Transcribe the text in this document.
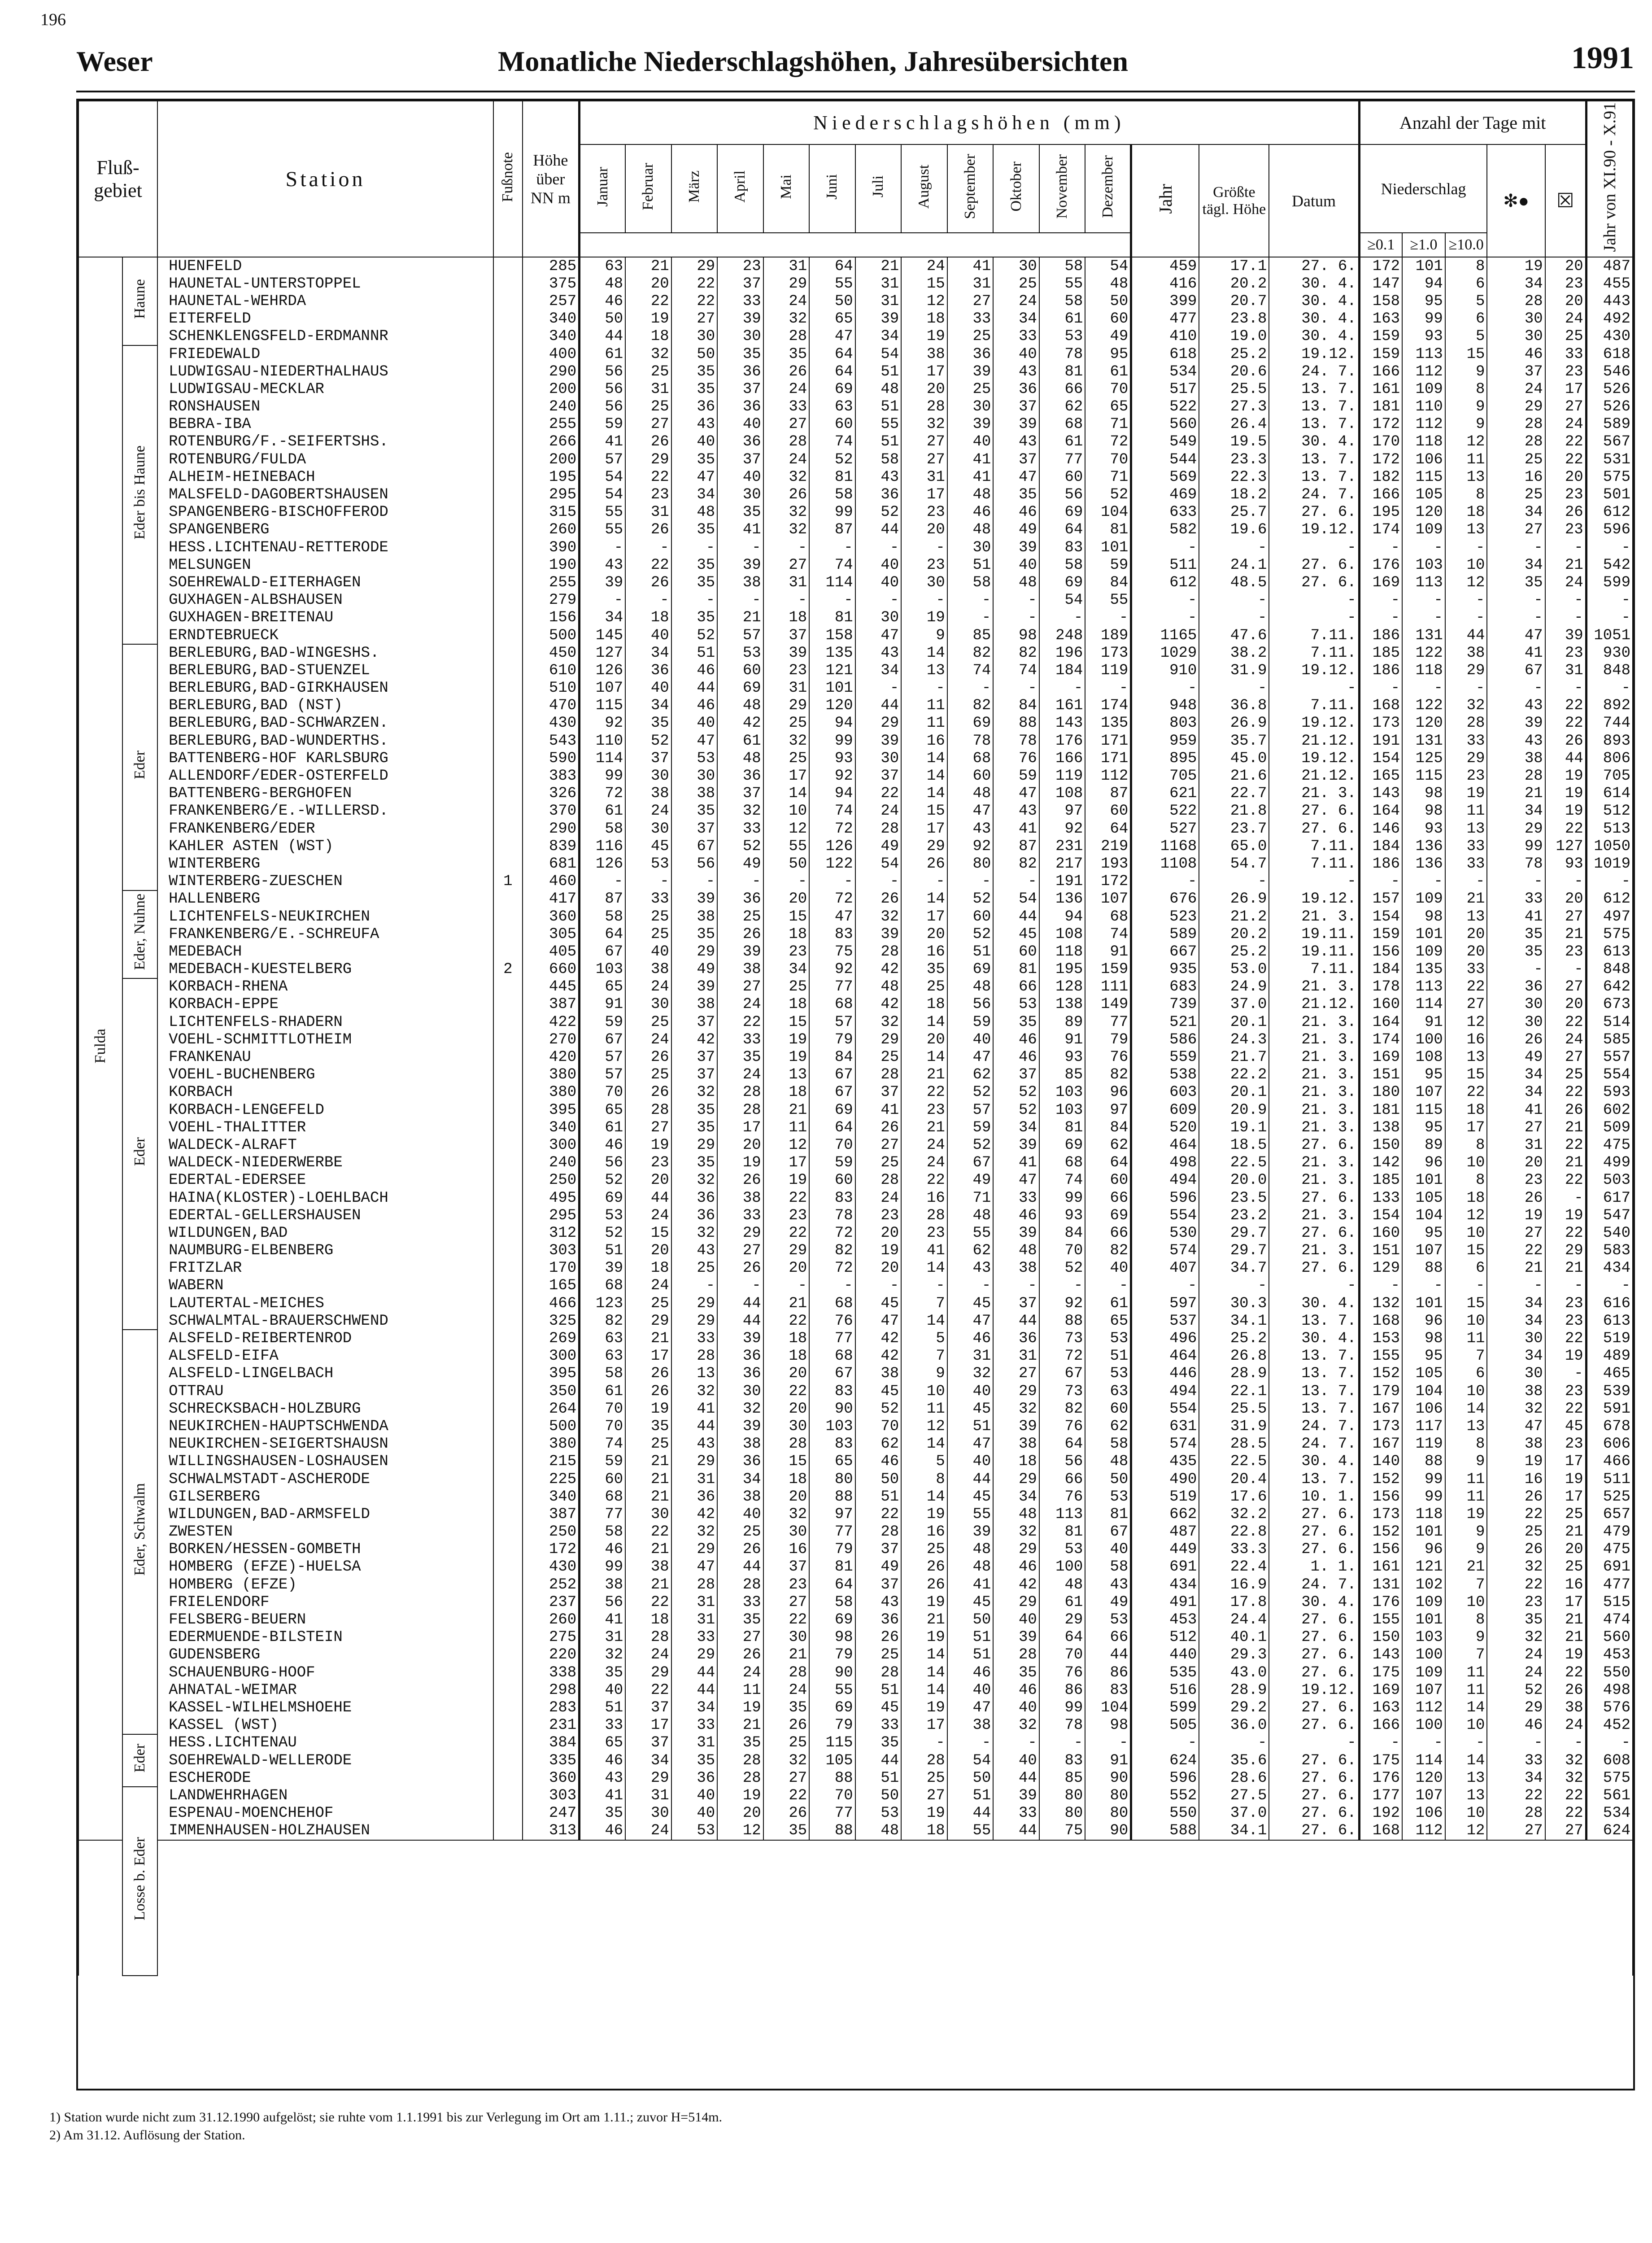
196
Weser	Monatliche Niederschlagshöhen, Jahresübersichten	1991
Fluß-
gebiet		Station	Fußnote	Höhe über NN m	Niederschlagshöhen (mm)															Anzahl der Tage mit					Jahr von XI.90 - X.91
					Januar	Februar	März	April	Mai	Juni	Juli	August	September	Oktober	November	Dezember	Jahr	Größte tägl. Höhe	Datum	Niederschlag			✻●	☒	
																				≥0.1	≥1.0	≥10.0			
Fulda	Haune	HUENFELD		285	63	21	29	23	31	64	21	24	41	30	58	54	459	17.1	27. 6.	172	101	8	19	20	487
		HAUNETAL-UNTERSTOPPEL		375	48	20	22	37	29	55	31	15	31	25	55	48	416	20.2	30. 4.	147	94	6	34	23	455
		HAUNETAL-WEHRDA		257	46	22	22	33	24	50	31	12	27	24	58	50	399	20.7	30. 4.	158	95	5	28	20	443
		EITERFELD		340	50	19	27	39	32	65	39	18	33	34	61	60	477	23.8	30. 4.	163	99	6	30	24	492
		SCHENKLENGSFELD-ERDMANNR		340	44	18	30	30	28	47	34	19	25	33	53	49	410	19.0	30. 4.	159	93	5	30	25	430
	Eder bis Haune	FRIEDEWALD		400	61	32	50	35	35	64	54	38	36	40	78	95	618	25.2	19.12.	159	113	15	46	33	618
		LUDWIGSAU-NIEDERTHALHAUS		290	56	25	35	36	26	64	51	17	39	43	81	61	534	20.6	24. 7.	166	112	9	37	23	546
		LUDWIGSAU-MECKLAR		200	56	31	35	37	24	69	48	20	25	36	66	70	517	25.5	13. 7.	161	109	8	24	17	526
		RONSHAUSEN		240	56	25	36	36	33	63	51	28	30	37	62	65	522	27.3	13. 7.	181	110	9	29	27	526
		BEBRA-IBA		255	59	27	43	40	27	60	55	32	39	39	68	71	560	26.4	13. 7.	172	112	9	28	24	589
		ROTENBURG/F.-SEIFERTSHS.		266	41	26	40	36	28	74	51	27	40	43	61	72	549	19.5	30. 4.	170	118	12	28	22	567
		ROTENBURG/FULDA		200	57	29	35	37	24	52	58	27	41	37	77	70	544	23.3	13. 7.	172	106	11	25	22	531
		ALHEIM-HEINEBACH		195	54	22	47	40	32	81	43	31	41	47	60	71	569	22.3	13. 7.	182	115	13	16	20	575
		MALSFELD-DAGOBERTSHAUSEN		295	54	23	34	30	26	58	36	17	48	35	56	52	469	18.2	24. 7.	166	105	8	25	23	501
		SPANGENBERG-BISCHOFFEROD		315	55	31	48	35	32	99	52	23	46	46	69	104	633	25.7	27. 6.	195	120	18	34	26	612
		SPANGENBERG		260	55	26	35	41	32	87	44	20	48	49	64	81	582	19.6	19.12.	174	109	13	27	23	596
		HESS.LICHTENAU-RETTERODE		390	-	-	-	-	-	-	-	-	30	39	83	101	-	-	-	-	-	-	-	-	-
		MELSUNGEN		190	43	22	35	39	27	74	40	23	51	40	58	59	511	24.1	27. 6.	176	103	10	34	21	542
		SOEHREWALD-EITERHAGEN		255	39	26	35	38	31	114	40	30	58	48	69	84	612	48.5	27. 6.	169	113	12	35	24	599
		GUXHAGEN-ALBSHAUSEN		279	-	-	-	-	-	-	-	-	-	-	54	55	-	-	-	-	-	-	-	-	-
		GUXHAGEN-BREITENAU		156	34	18	35	21	18	81	30	19	-	-	-	-	-	-	-	-	-	-	-	-	-
		ERNDTEBRUECK		500	145	40	52	57	37	158	47	9	85	98	248	189	1165	47.6	7.11.	186	131	44	47	39	1051
	Eder	BERLEBURG,BAD-WINGESHS.		450	127	34	51	53	39	135	43	14	82	82	196	173	1029	38.2	7.11.	185	122	38	41	23	930
		BERLEBURG,BAD-STUENZEL		610	126	36	46	60	23	121	34	13	74	74	184	119	910	31.9	19.12.	186	118	29	67	31	848
		BERLEBURG,BAD-GIRKHAUSEN		510	107	40	44	69	31	101	-	-	-	-	-	-	-	-	-	-	-	-	-	-	-
		BERLEBURG,BAD (NST)		470	115	34	46	48	29	120	44	11	82	84	161	174	948	36.8	7.11.	168	122	32	43	22	892
		BERLEBURG,BAD-SCHWARZEN.		430	92	35	40	42	25	94	29	11	69	88	143	135	803	26.9	19.12.	173	120	28	39	22	744
		BERLEBURG,BAD-WUNDERTHS.		543	110	52	47	61	32	99	39	16	78	78	176	171	959	35.7	21.12.	191	131	33	43	26	893
		BATTENBERG-HOF KARLSBURG		590	114	37	53	48	25	93	30	14	68	76	166	171	895	45.0	19.12.	154	125	29	38	44	806
		ALLENDORF/EDER-OSTERFELD		383	99	30	30	36	17	92	37	14	60	59	119	112	705	21.6	21.12.	165	115	23	28	19	705
		BATTENBERG-BERGHOFEN		326	72	38	38	37	14	94	22	14	48	47	108	87	621	22.7	21. 3.	143	98	19	21	19	614
		FRANKENBERG/E.-WILLERSD.		370	61	24	35	32	10	74	24	15	47	43	97	60	522	21.8	27. 6.	164	98	11	34	19	512
		FRANKENBERG/EDER		290	58	30	37	33	12	72	28	17	43	41	92	64	527	23.7	27. 6.	146	93	13	29	22	513
		KAHLER ASTEN (WST)		839	116	45	67	52	55	126	49	29	92	87	231	219	1168	65.0	7.11.	184	136	33	99	127	1050
		WINTERBERG		681	126	53	56	49	50	122	54	26	80	82	217	193	1108	54.7	7.11.	186	136	33	78	93	1019
		WINTERBERG-ZUESCHEN	1	460	-	-	-	-	-	-	-	-	-	-	191	172	-	-	-	-	-	-	-	-	-
	Eder, Nuhne	HALLENBERG		417	87	33	39	36	20	72	26	14	52	54	136	107	676	26.9	19.12.	157	109	21	33	20	612
		LICHTENFELS-NEUKIRCHEN		360	58	25	38	25	15	47	32	17	60	44	94	68	523	21.2	21. 3.	154	98	13	41	27	497
		FRANKENBERG/E.-SCHREUFA		305	64	25	35	26	18	83	39	20	52	45	108	74	589	20.2	19.11.	159	101	20	35	21	575
		MEDEBACH		405	67	40	29	39	23	75	28	16	51	60	118	91	667	25.2	19.11.	156	109	20	35	23	613
		MEDEBACH-KUESTELBERG	2	660	103	38	49	38	34	92	42	35	69	81	195	159	935	53.0	7.11.	184	135	33	-	-	848
	Eder	KORBACH-RHENA		445	65	24	39	27	25	77	48	25	48	66	128	111	683	24.9	21. 3.	178	113	22	36	27	642
		KORBACH-EPPE		387	91	30	38	24	18	68	42	18	56	53	138	149	739	37.0	21.12.	160	114	27	30	20	673
		LICHTENFELS-RHADERN		422	59	25	37	22	15	57	32	14	59	35	89	77	521	20.1	21. 3.	164	91	12	30	22	514
		VOEHL-SCHMITTLOTHEIM		270	67	24	42	33	19	79	29	20	40	46	91	79	586	24.3	21. 3.	174	100	16	26	24	585
		FRANKENAU		420	57	26	37	35	19	84	25	14	47	46	93	76	559	21.7	21. 3.	169	108	13	49	27	557
		VOEHL-BUCHENBERG		380	57	25	37	24	13	67	28	21	62	37	85	82	538	22.2	21. 3.	151	95	15	34	25	554
		KORBACH		380	70	26	32	28	18	67	37	22	52	52	103	96	603	20.1	21. 3.	180	107	22	34	22	593
		KORBACH-LENGEFELD		395	65	28	35	28	21	69	41	23	57	52	103	97	609	20.9	21. 3.	181	115	18	41	26	602
		VOEHL-THALITTER		340	61	27	35	17	11	64	26	21	59	34	81	84	520	19.1	21. 3.	138	95	17	27	21	509
		WALDECK-ALRAFT		300	46	19	29	20	12	70	27	24	52	39	69	62	464	18.5	27. 6.	150	89	8	31	22	475
		WALDECK-NIEDERWERBE		240	56	23	35	19	17	59	25	24	67	41	68	64	498	22.5	21. 3.	142	96	10	20	21	499
		EDERTAL-EDERSEE		250	52	20	32	26	19	60	28	22	49	47	74	60	494	20.0	21. 3.	185	101	8	23	22	503
		HAINA(KLOSTER)-LOEHLBACH		495	69	44	36	38	22	83	24	16	71	33	99	66	596	23.5	27. 6.	133	105	18	26	-	617
		EDERTAL-GELLERSHAUSEN		295	53	24	36	33	23	78	23	28	48	46	93	69	554	23.2	21. 3.	154	104	12	19	19	547
		WILDUNGEN,BAD		312	52	15	32	29	22	72	20	23	55	39	84	66	530	29.7	27. 6.	160	95	10	27	22	540
		NAUMBURG-ELBENBERG		303	51	20	43	27	29	82	19	41	62	48	70	82	574	29.7	21. 3.	151	107	15	22	29	583
		FRITZLAR		170	39	18	25	26	20	72	20	14	43	38	52	40	407	34.7	27. 6.	129	88	6	21	21	434
		WABERN		165	68	24	-	-	-	-	-	-	-	-	-	-	-	-	-	-	-	-	-	-	-
		LAUTERTAL-MEICHES		466	123	25	29	44	21	68	45	7	45	37	92	61	597	30.3	30. 4.	132	101	15	34	23	616
		SCHWALMTAL-BRAUERSCHWEND		325	82	29	29	44	22	76	47	14	47	44	88	65	537	34.1	13. 7.	168	96	10	34	23	613
	Eder, Schwalm	ALSFELD-REIBERTENROD		269	63	21	33	39	18	77	42	5	46	36	73	53	496	25.2	30. 4.	153	98	11	30	22	519
		ALSFELD-EIFA		300	63	17	28	36	18	68	42	7	31	31	72	51	464	26.8	13. 7.	155	95	7	34	19	489
		ALSFELD-LINGELBACH		395	58	26	13	36	20	67	38	9	32	27	67	53	446	28.9	13. 7.	152	105	6	30	-	465
		OTTRAU		350	61	26	32	30	22	83	45	10	40	29	73	63	494	22.1	13. 7.	179	104	10	38	23	539
		SCHRECKSBACH-HOLZBURG		264	70	19	41	32	20	90	52	11	45	32	82	60	554	25.5	13. 7.	167	106	14	32	22	591
		NEUKIRCHEN-HAUPTSCHWENDA		500	70	35	44	39	30	103	70	12	51	39	76	62	631	31.9	24. 7.	173	117	13	47	45	678
		NEUKIRCHEN-SEIGERTSHAUSN		380	74	25	43	38	28	83	62	14	47	38	64	58	574	28.5	24. 7.	167	119	8	38	23	606
		WILLINGSHAUSEN-LOSHAUSEN		215	59	21	29	36	15	65	46	5	40	18	56	48	435	22.5	30. 4.	140	88	9	19	17	466
		SCHWALMSTADT-ASCHERODE		225	60	21	31	34	18	80	50	8	44	29	66	50	490	20.4	13. 7.	152	99	11	16	19	511
		GILSERBERG		340	68	21	36	38	20	88	51	14	45	34	76	53	519	17.6	10. 1.	156	99	11	26	17	525
		WILDUNGEN,BAD-ARMSFELD		387	77	30	42	40	32	97	22	19	55	48	113	81	662	32.2	27. 6.	173	118	19	22	25	657
		ZWESTEN		250	58	22	32	25	30	77	28	16	39	32	81	67	487	22.8	27. 6.	152	101	9	25	21	479
		BORKEN/HESSEN-GOMBETH		172	46	21	29	26	16	79	37	25	48	29	53	40	449	33.3	27. 6.	156	96	9	26	20	475
		HOMBERG (EFZE)-HUELSA		430	99	38	47	44	37	81	49	26	48	46	100	58	691	22.4	1. 1.	161	121	21	32	25	691
		HOMBERG (EFZE)		252	38	21	28	28	23	64	37	26	41	42	48	43	434	16.9	24. 7.	131	102	7	22	16	477
		FRIELENDORF		237	56	22	31	33	27	58	43	19	45	29	61	49	491	17.8	30. 4.	176	109	10	23	17	515
		FELSBERG-BEUERN		260	41	18	31	35	22	69	36	21	50	40	29	53	453	24.4	27. 6.	155	101	8	35	21	474
		EDERMUENDE-BILSTEIN		275	31	28	33	27	30	98	26	19	51	39	64	66	512	40.1	27. 6.	150	103	9	32	21	560
		GUDENSBERG		220	32	24	29	26	21	79	25	14	51	28	70	44	440	29.3	27. 6.	143	100	7	24	19	453
		SCHAUENBURG-HOOF		338	35	29	44	24	28	90	28	14	46	35	76	86	535	43.0	27. 6.	175	109	11	24	22	550
		AHNATAL-WEIMAR		298	40	22	44	11	24	55	51	14	40	46	86	83	516	28.9	19.12.	169	107	11	52	26	498
		KASSEL-WILHELMSHOEHE		283	51	37	34	19	35	69	45	19	47	40	99	104	599	29.2	27. 6.	163	112	14	29	38	576
		KASSEL (WST)		231	33	17	33	21	26	79	33	17	38	32	78	98	505	36.0	27. 6.	166	100	10	46	24	452
	Eder	HESS.LICHTENAU		384	65	37	31	35	25	115	35	-	-	-	-	-	-	-	-	-	-	-	-	-	-
		SOEHREWALD-WELLERODE		335	46	34	35	28	32	105	44	28	54	40	83	91	624	35.6	27. 6.	175	114	14	33	32	608
		ESCHERODE		360	43	29	36	28	27	88	51	25	50	44	85	90	596	28.6	27. 6.	176	120	13	34	32	575
	Losse b. Eder	LANDWEHRHAGEN		303	41	31	40	19	22	70	50	27	51	39	80	80	552	27.5	27. 6.	177	107	13	22	22	561
		ESPENAU-MOENCHEHOF		247	35	30	40	20	26	77	53	19	44	33	80	80	550	37.0	27. 6.	192	106	10	28	22	534
		IMMENHAUSEN-HOLZHAUSEN		313	46	24	53	12	35	88	48	18	55	44	75	90	588	34.1	27. 6.	168	112	12	27	27	624

1) Station wurde nicht zum 31.12.1990 aufgelöst; sie ruhte vom 1.1.1991 bis zur Verlegung im Ort am 1.11.; zuvor H=514m.
2) Am 31.12. Auflösung der Station.
